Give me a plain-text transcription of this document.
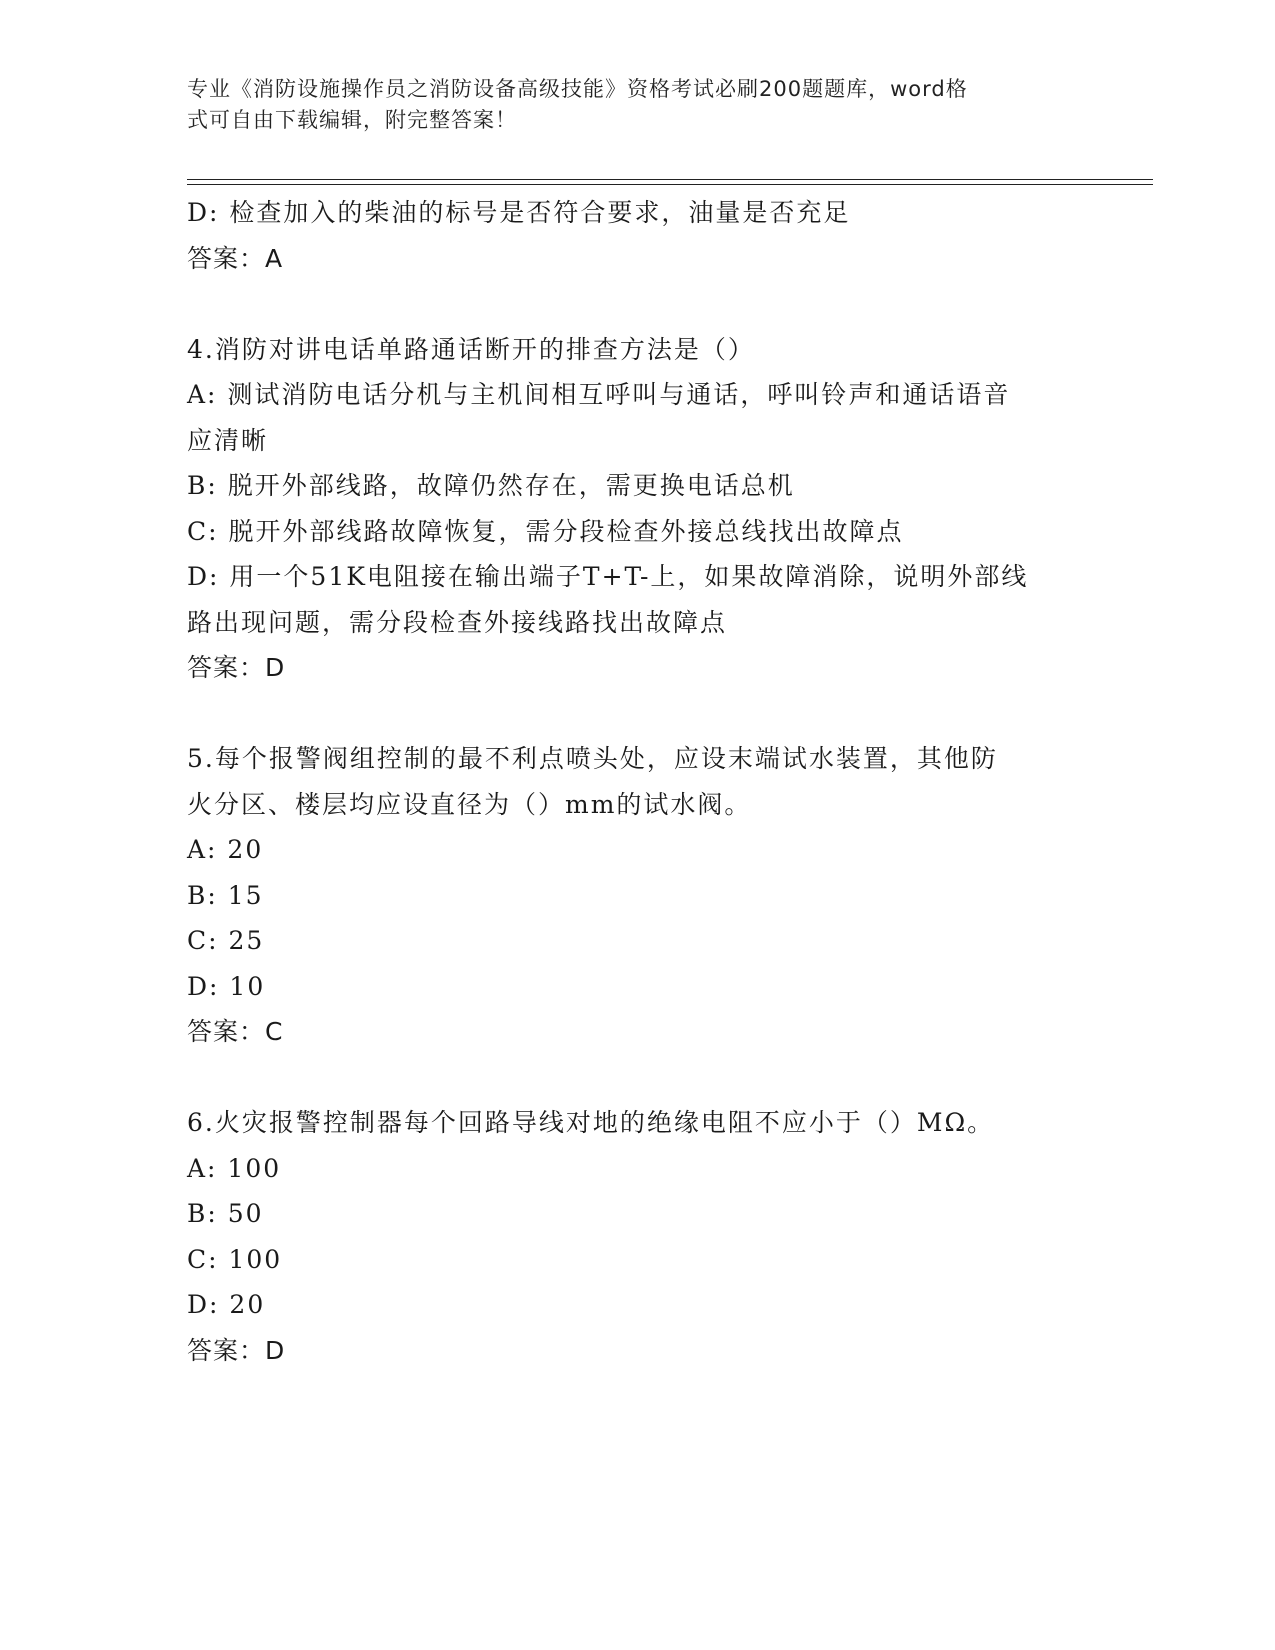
专业《消防设施操作员之消防设备高级技能》资格考试必刷200题题库，word格
式可自由下载编辑，附完整答案！
D: 检查加入的柴油的标号是否符合要求，油量是否充足
答案：A
4.消防对讲电话单路通话断开的排查方法是（）
A: 测试消防电话分机与主机间相互呼叫与通话，呼叫铃声和通话语音
应清晰
B: 脱开外部线路，故障仍然存在，需更换电话总机
C: 脱开外部线路故障恢复，需分段检查外接总线找出故障点
D: 用一个51K电阻接在输出端子T+T-上，如果故障消除，说明外部线
路出现问题，需分段检查外接线路找出故障点
答案：D
5.每个报警阀组控制的最不利点喷头处，应设末端试水装置，其他防
火分区、楼层均应设直径为（）mm的试水阀。
A: 20
B: 15
C: 25
D: 10
答案：C
6.火灾报警控制器每个回路导线对地的绝缘电阻不应小于（）MΩ。
A: 100
B: 50
C: 100
D: 20
答案：D
